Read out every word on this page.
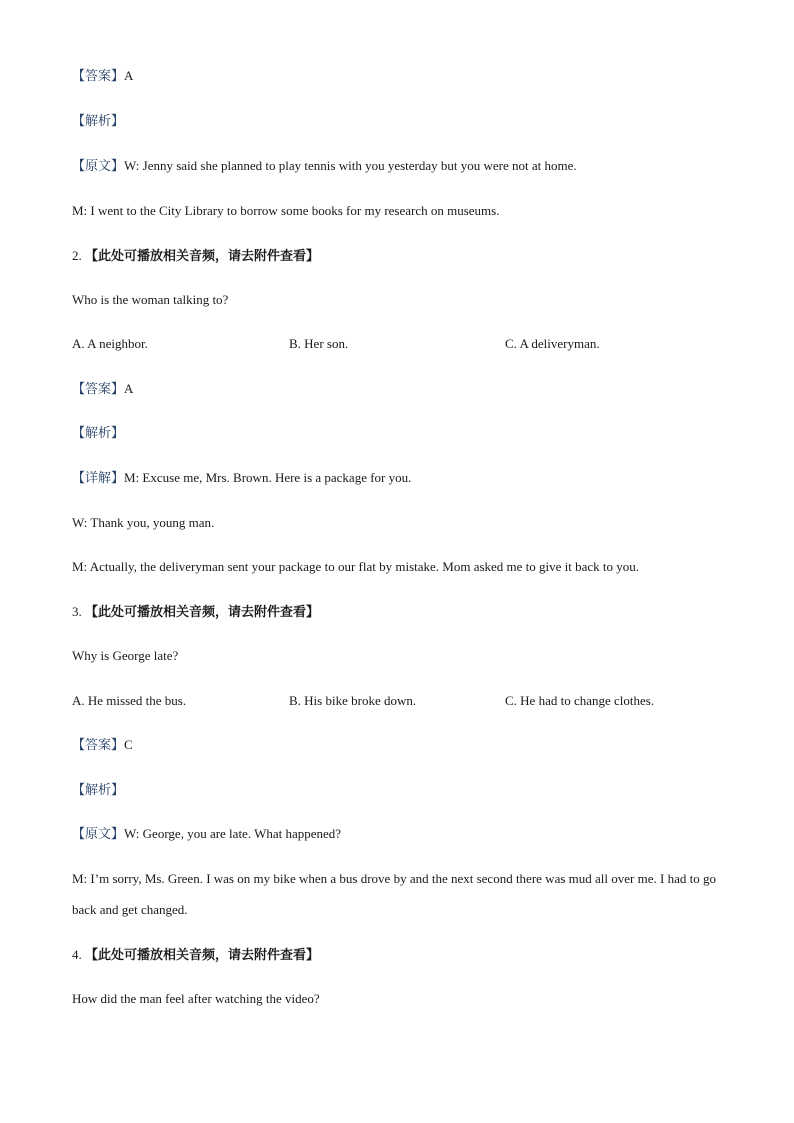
【答案】A
【解析】
【原文】W: Jenny said she planned to play tennis with you yesterday but you were not at home.
M: I went to the City Library to borrow some books for my research on museums.
2. 【此处可播放相关音频，请去附件查看】
Who is the woman talking to?
A. A neighbor.	B. Her son.	C. A deliveryman.
【答案】A
【解析】
【详解】M: Excuse me, Mrs. Brown. Here is a package for you.
W: Thank you, young man.
M: Actually, the deliveryman sent your package to our flat by mistake. Mom asked me to give it back to you.
3. 【此处可播放相关音频，请去附件查看】
Why is George late?
A. He missed the bus.	B. His bike broke down.	C. He had to change clothes.
【答案】C
【解析】
【原文】W: George, you are late. What happened?
M: I’m sorry, Ms. Green. I was on my bike when a bus drove by and the next second there was mud all over me. I had to go back and get changed.
4. 【此处可播放相关音频，请去附件查看】
How did the man feel after watching the video?
